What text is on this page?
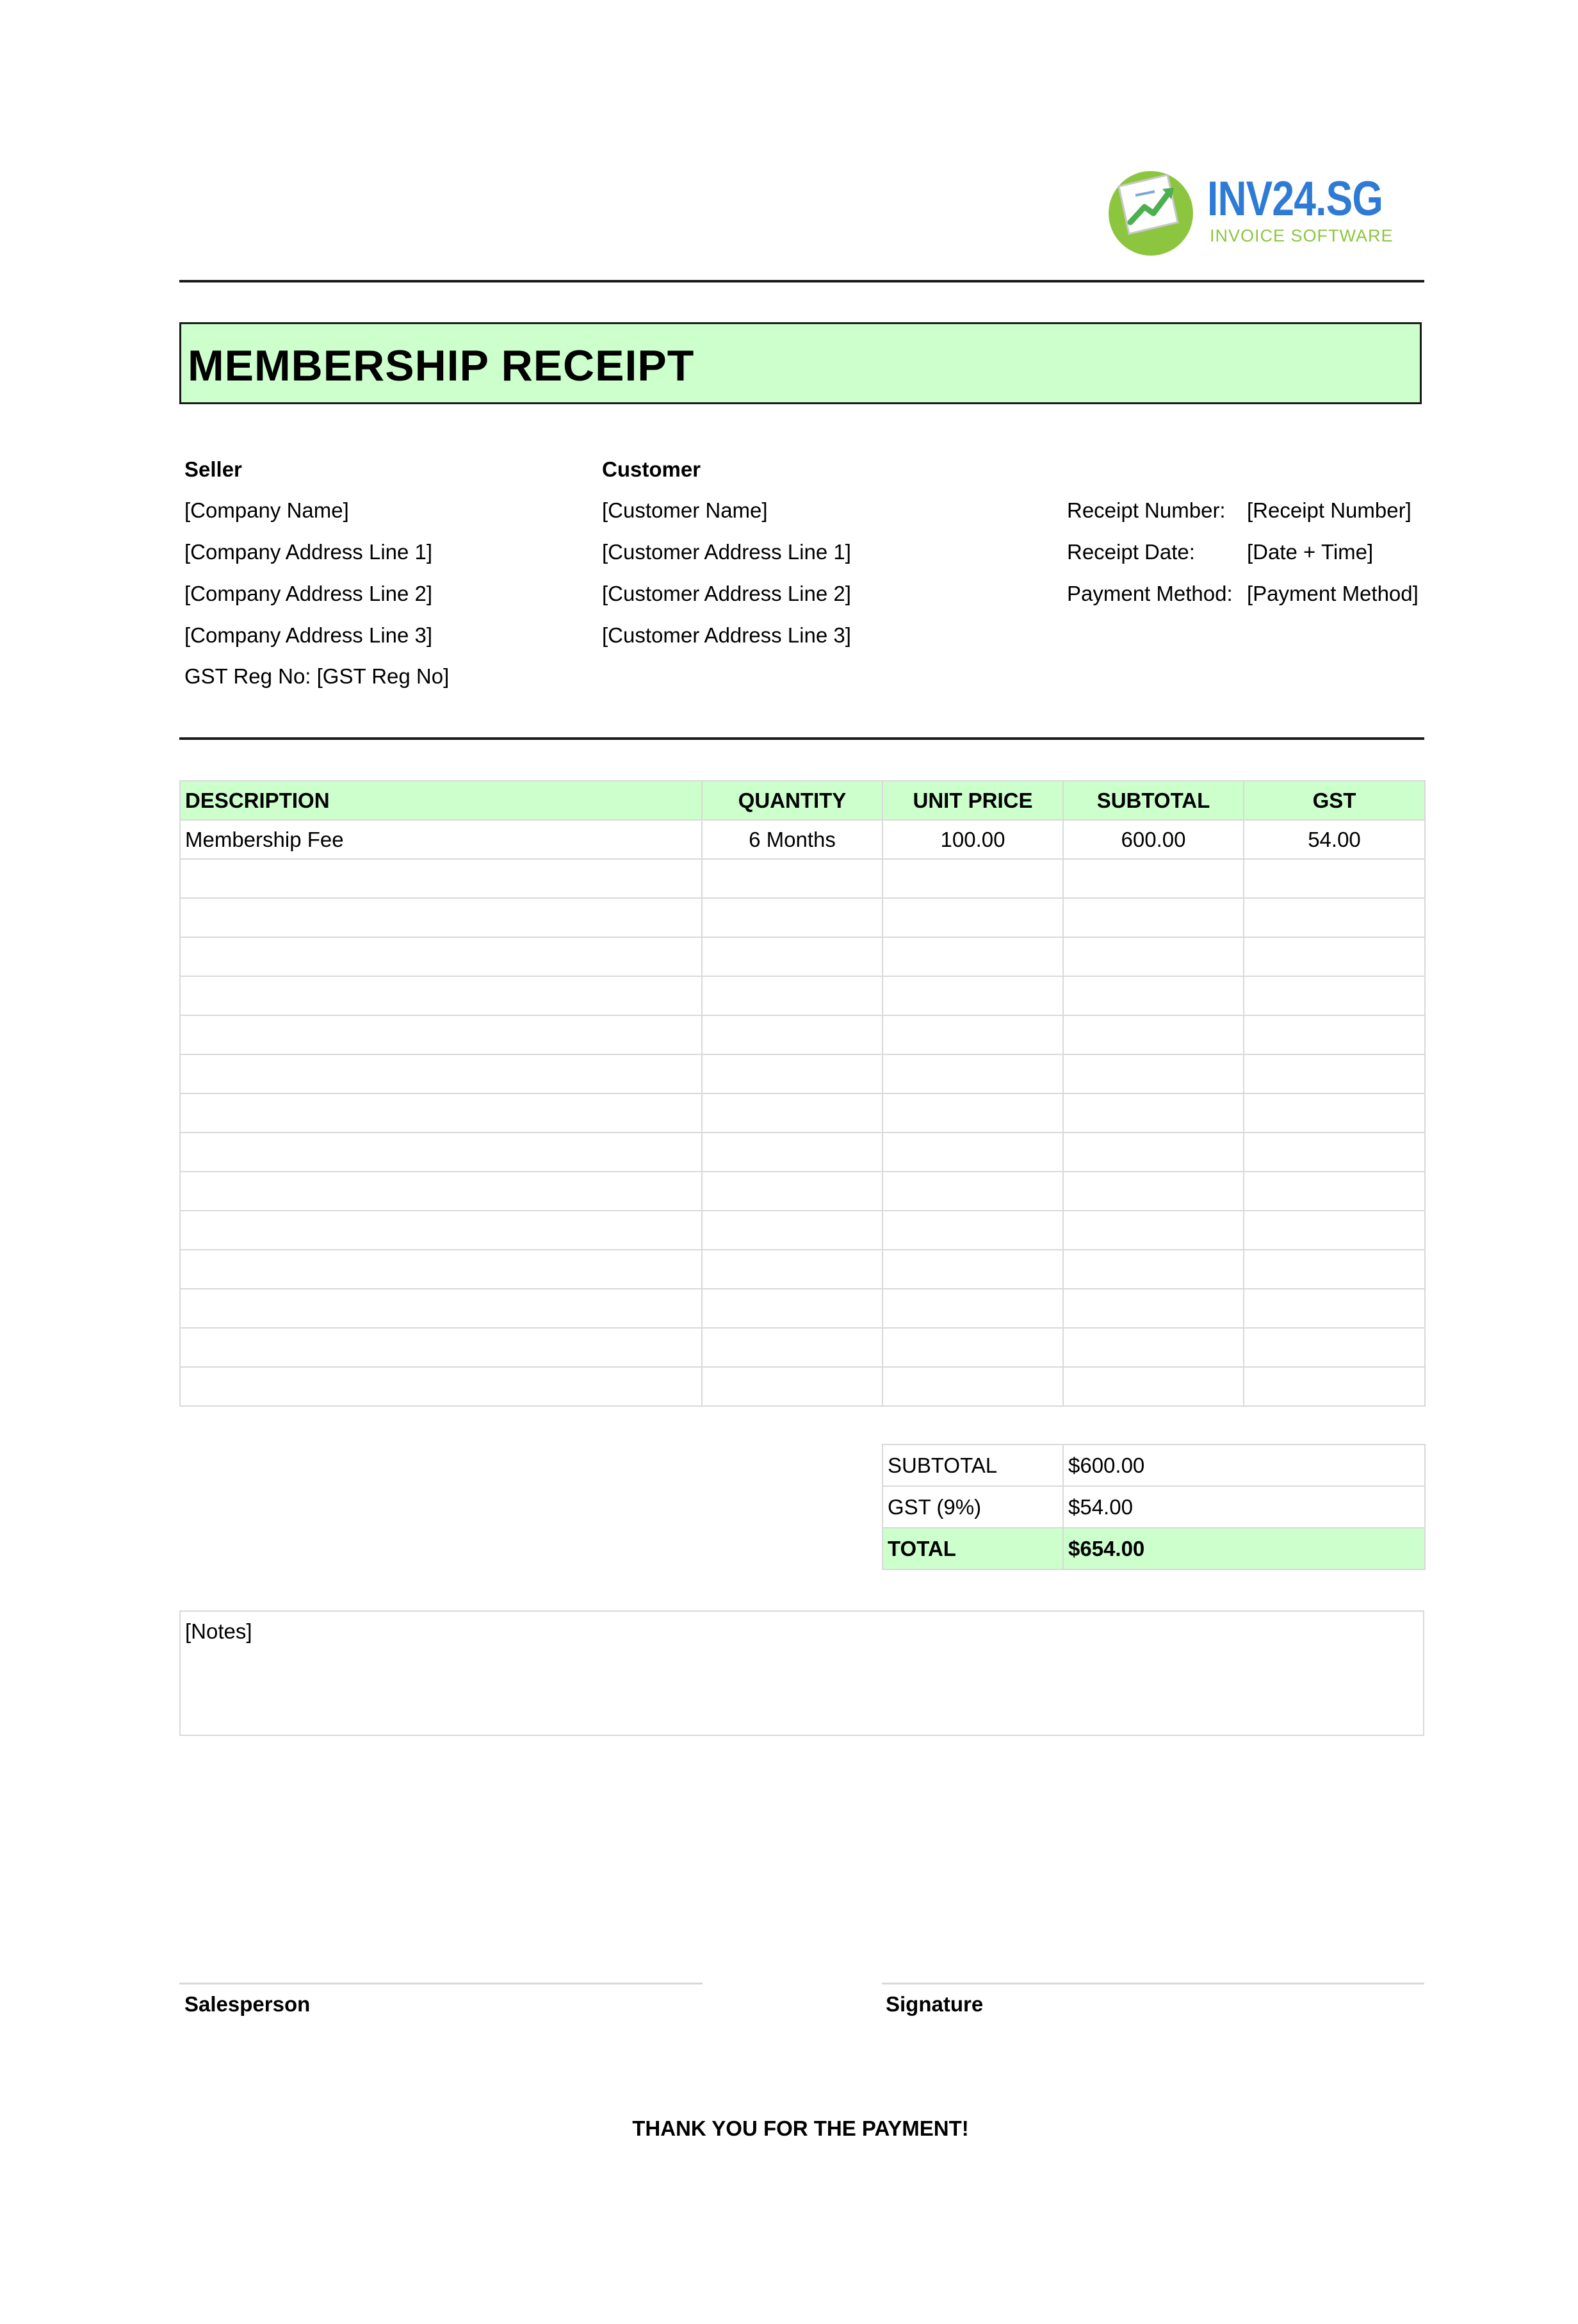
INV24.SG
INVOICE SOFTWARE
MEMBERSHIP RECEIPT
Seller
[Company Name]
[Company Address Line 1]
[Company Address Line 2]
[Company Address Line 3]
GST Reg No: [GST Reg No]
Customer
[Customer Name]
[Customer Address Line 1]
[Customer Address Line 2]
[Customer Address Line 3]
Receipt Number: [Receipt Number]
Receipt Date: [Date + Time]
Payment Method: [Payment Method]
DESCRIPTION	QUANTITY	UNIT PRICE	SUBTOTAL	GST
Membership Fee	6 Months	100.00	600.00	54.00

SUBTOTAL	$600.00
GST (9%)	$54.00
TOTAL	$654.00
[Notes]
Salesperson	Signature
THANK YOU FOR THE PAYMENT!
